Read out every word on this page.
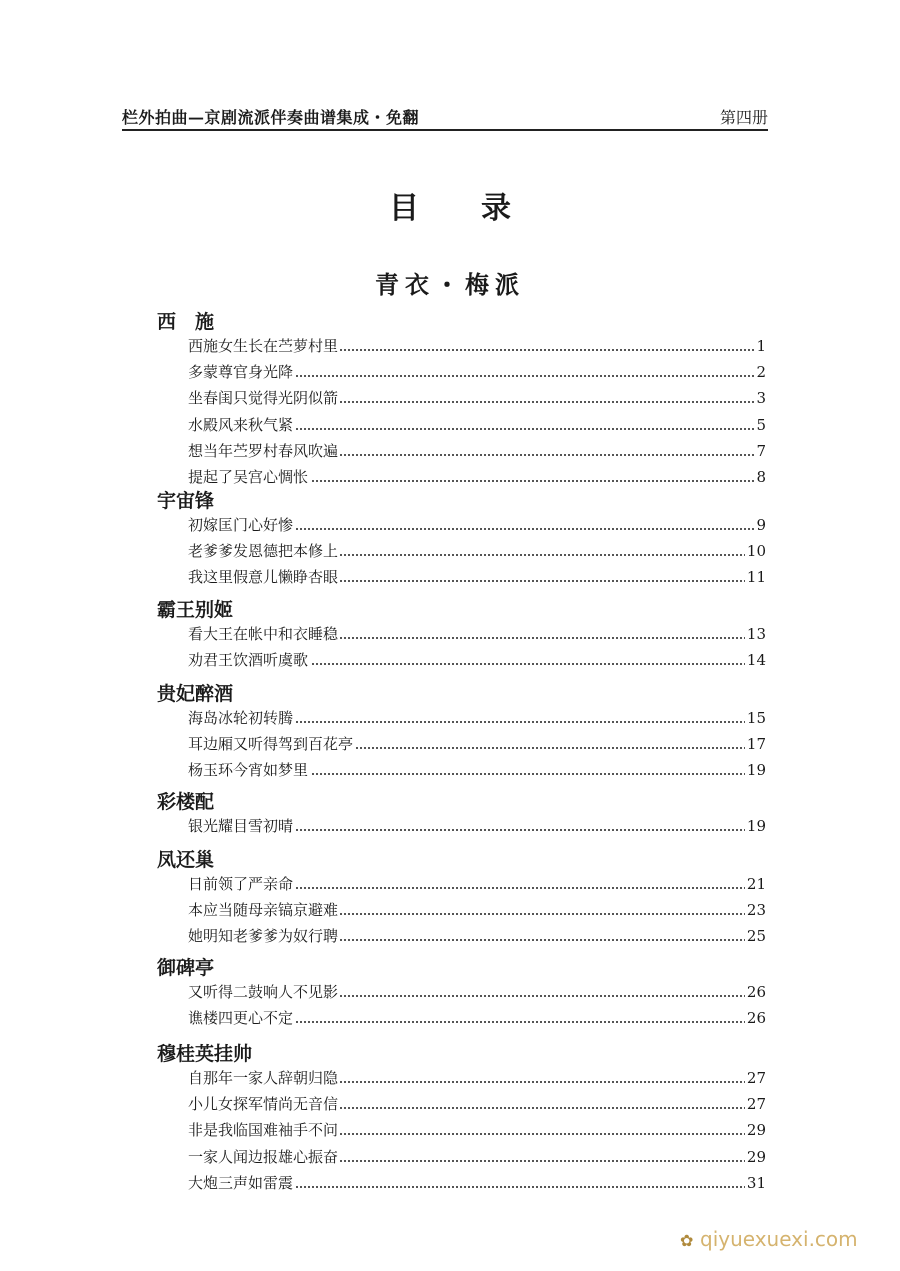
栏外拍曲—京剧流派伴奏曲谱集成・免翻	第四册
目录
青衣・梅派
西　施
西施女生长在苎萝村里	1
多蒙尊官身光降	2
坐春闺只觉得光阴似箭	3
水殿风来秋气紧	5
想当年苎罗村春风吹遍	7
提起了吴宫心惆怅	8
宇宙锋
初嫁匡门心好惨	9
老爹爹发恩德把本修上	10
我这里假意儿懒睁杏眼	11
霸王别姬
看大王在帐中和衣睡稳	13
劝君王饮酒听虞歌	14
贵妃醉酒
海岛冰轮初转腾	15
耳边厢又听得驾到百花亭	17
杨玉环今宵如梦里	19
彩楼配
银光耀目雪初晴	19
凤还巢
日前领了严亲命	21
本应当随母亲镐京避难	23
她明知老爹爹为奴行聘	25
御碑亭
又听得二鼓响人不见影	26
谯楼四更心不定	26
穆桂英挂帅
自那年一家人辞朝归隐	27
小儿女探军情尚无音信	27
非是我临国难袖手不问	29
一家人闻边报雄心振奋	29
大炮三声如雷震	31
✿ qiyuexuexi.com
